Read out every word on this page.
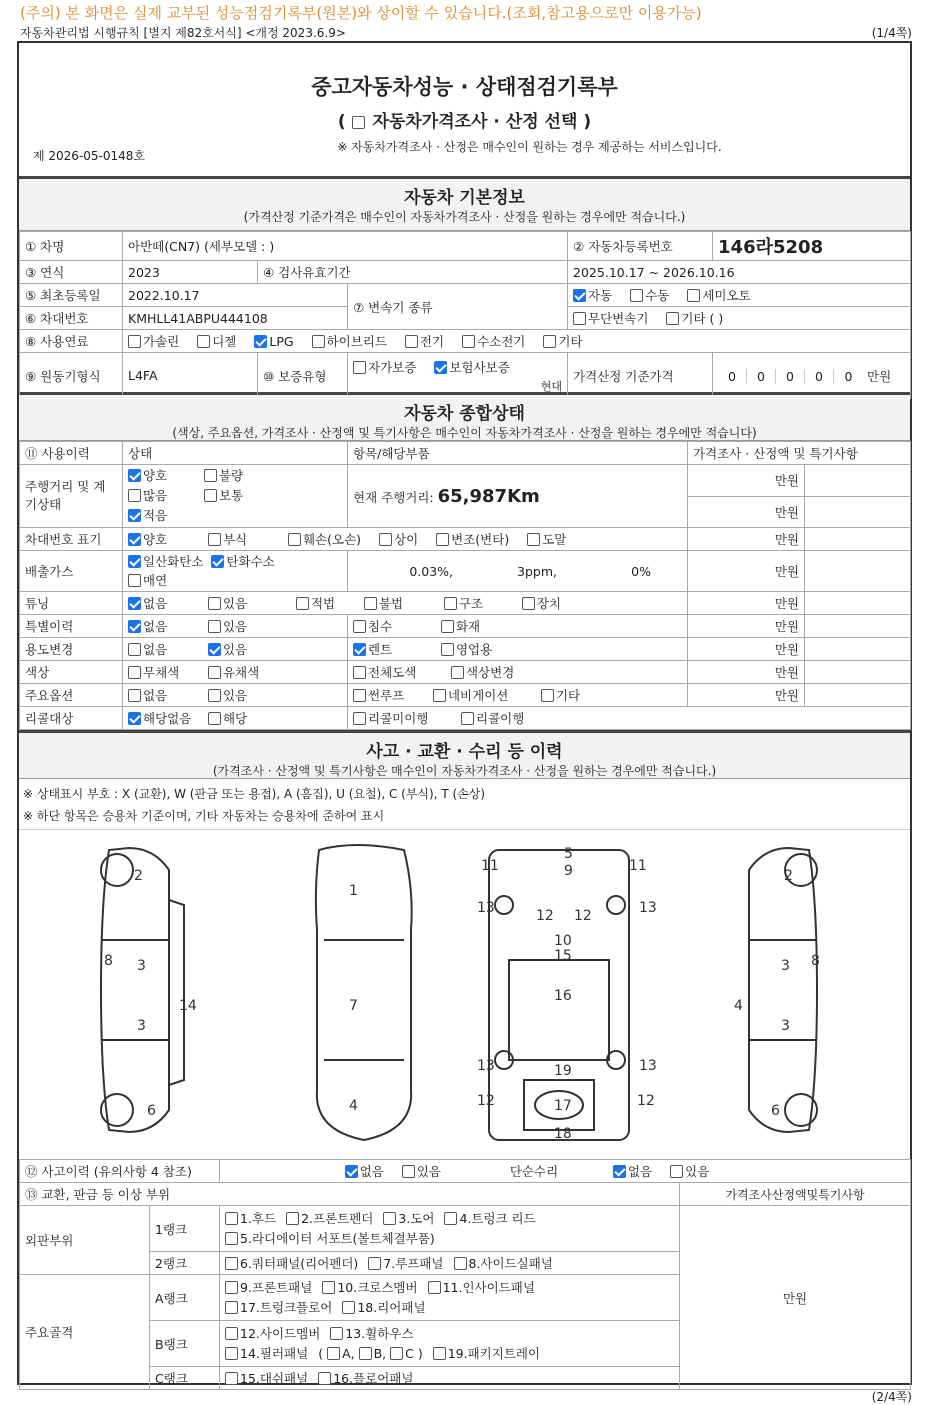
(주의) 본 화면은 실제 교부된 성능점검기록부(원본)와 상이할 수 있습니다.(조회,참고용으로만 이용가능)
자동차관리법 시행규칙 [별지 제82호서식] <개정 2023.6.9>	(1/4쪽)
중고자동차성능 · 상태점검기록부
( 자동차가격조사 · 산정 선택 )
※ 자동차가격조사 · 산정은 매수인이 원하는 경우 제공하는 서비스입니다.
제 2026-05-0148호
자동차 기본정보
(가격산정 기준가격은 매수인이 자동차가격조사 · 산정을 원하는 경우에만 적습니다.)
① 차명	아반떼(CN7) (세부모델 : )			② 자동차등록번호	146라5208
③ 연식	2023	④ 검사유효기간		2025.10.17 ~ 2026.10.16	
⑤ 최초등록일	2022.10.17		⑦ 변속기 종류	자동 수동 세미오토	
⑥ 차대번호	KMHLL41ABPU444108			무단변속기 기타 ( )	
⑧ 사용연료	가솔린 디젤 LPG 하이브리드 전기 수소전기 기타				
⑨ 원동기형식	L4FA	⑩ 보증유형	자가보증 보험사보증
현대	가격산정 기준가격	0 0 0 0 0 만원
자동차 종합상태
(색상, 주요옵션, 가격조사 · 산정액 및 특기사항은 매수인이 자동차가격조사 · 산정을 원하는 경우에만 적습니다)
⑪ 사용이력	상태	항목/해당부품	가격조사 · 산정액 및 특기사항	
주행거리 및 계기상태	양호 불량
많음 보통
적음	현재 주행거리: 65,987Km	만원	
			만원	
차대번호 표기	양호 부식 훼손(오손) 상이 변조(변타) 도말		만원	
배출가스	일산화탄소 탄화수소
매연	0.03%, 3ppm, 0%	만원	
튜닝	없음 있음 적법 불법 구조 장치		만원	
특별이력	없음 있음	침수 화재	만원	
용도변경	없음 있음	렌트 영업용	만원	
색상	무채색 유채색	전체도색 색상변경	만원	
주요옵션	없음 있음	썬루프 네비게이션 기타	만원	
리콜대상	해당없음 해당	리콜미이행 리콜이행		
사고 · 교환 · 수리 등 이력
(가격조사 · 산정액 및 특기사항은 매수인이 자동차가격조사 · 산정을 원하는 경우에만 적습니다.)
※ 상태표시 부호 : X (교환), W (판금 또는 용접), A (흠집), U (요철), C (부식), T (손상)
※ 하단 항목은 승용차 기준이며, 기타 자동차는 승용차에 준하여 표시
2
3
3
8
14
6
1
7
4
11	11
5
9
13	13
12 12
10
15
16
13	13
19
12	12
17
18
2
3
3
8
4
6
⑫ 사고이력 (유의사항 4 참조)		없음 있음 단순수리 없음 있음	
⑬ 교환, 판금 등 이상 부위			가격조사산정액및특기사항
외판부위	1랭크	1.후드 2.프론트펜더 3.도어 4.트렁크 리드
5.라디에이터 서포트(볼트체결부품)	만원
	2랭크	6.쿼터패널(리어펜더) 7.루프패널 8.사이드실패널	
주요골격	A랭크	9.프론트패널 10.크로스멤버 11.인사이드패널
17.트렁크플로어 18.리어패널	
	B랭크	12.사이드멤버 13.휠하우스
14.필러패널 ( A, B, C ) 19.패키지트레이	

	C랭크	15.대쉬패널 16.플로어패널	
(2/4쪽)
